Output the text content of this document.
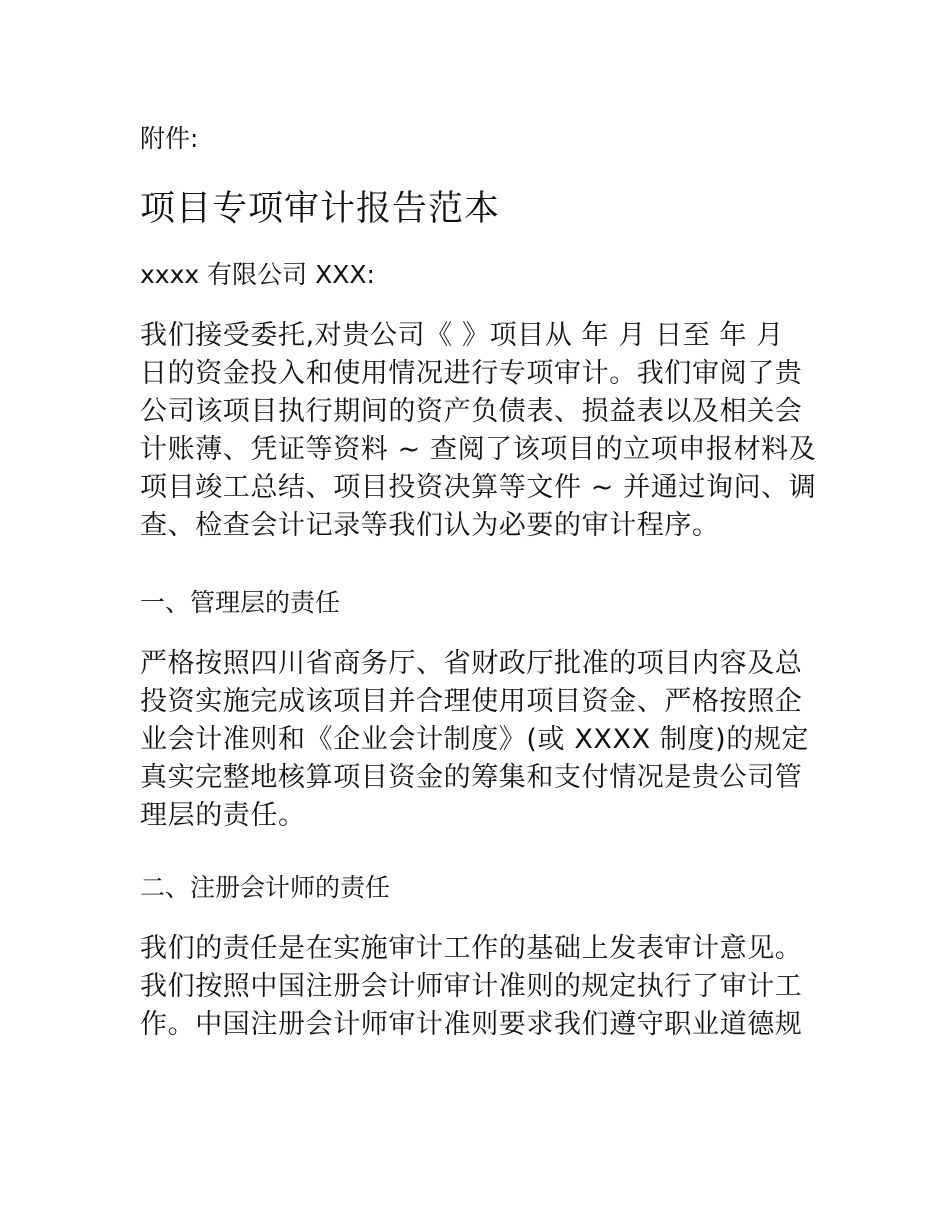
附件:
项目专项审计报告范本
xxxx 有限公司 XXX:
我们接受委托,对贵公司《 》项目从 年 月 日至 年 月
日的资金投入和使用情况进行专项审计。我们审阅了贵
公司该项目执行期间的资产负债表、损益表以及相关会
计账薄、凭证等资料 ~ 查阅了该项目的立项申报材料及
项目竣工总结、项目投资决算等文件 ~ 并通过询问、调
查、检查会计记录等我们认为必要的审计程序。
一、管理层的责任
严格按照四川省商务厅、省财政厅批准的项目内容及总
投资实施完成该项目并合理使用项目资金、严格按照企
业会计准则和《企业会计制度》(或 XXXX 制度)的规定
真实完整地核算项目资金的筹集和支付情况是贵公司管
理层的责任。
二、注册会计师的责任
我们的责任是在实施审计工作的基础上发表审计意见。
我们按照中国注册会计师审计准则的规定执行了审计工
作。中国注册会计师审计准则要求我们遵守职业道德规
